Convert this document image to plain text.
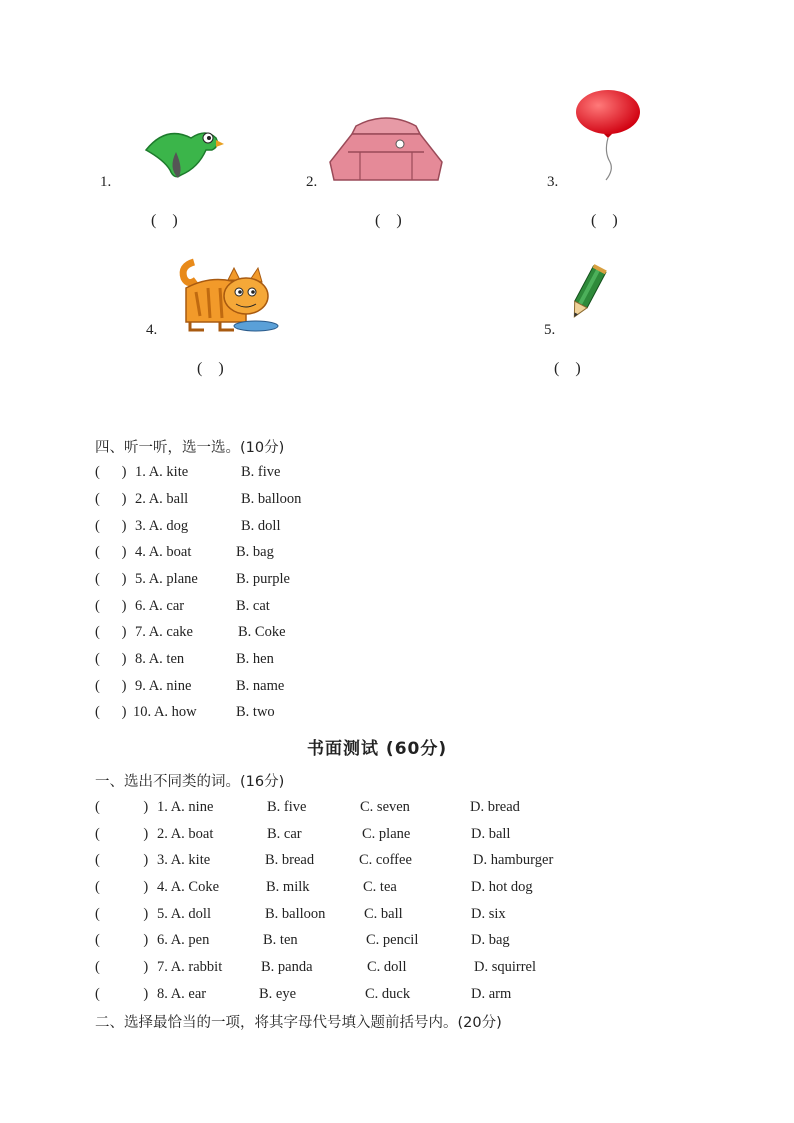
1.
(    )
2.
(    )
3.
(    )
4.
(    )
5.
(    )
四、听一听，选一选。(10分)
(      ) 1. A. kite	B. five
(      ) 2. A. ball	B. balloon
(      ) 3. A. dog	B. doll
(      ) 4. A. boat	B. bag
(      ) 5. A. plane	B. purple
(      ) 6. A. car	B. cat
(      ) 7. A. cake	B. Coke
(      ) 8. A. ten	B. hen
(      ) 9. A. nine	B. name
(      ) 10. A. how	B. two
书面测试 (60分)
一、选出不同类的词。(16分)
(            ) 1. A. nine	B. five	C. seven	D. bread
(            ) 2. A. boat	B. car	C. plane	D. ball
(            ) 3. A. kite	B. bread	C. coffee	D. hamburger
(            ) 4. A. Coke	B. milk	C. tea	D. hot dog
(            ) 5. A. doll	B. balloon	C. ball	D. six
(            ) 6. A. pen	B. ten	C. pencil	D. bag
(            ) 7. A. rabbit	B. panda	C. doll	D. squirrel
(            ) 8. A. ear	B. eye	C. duck	D. arm
二、选择最恰当的一项，将其字母代号填入题前括号内。(20分)
